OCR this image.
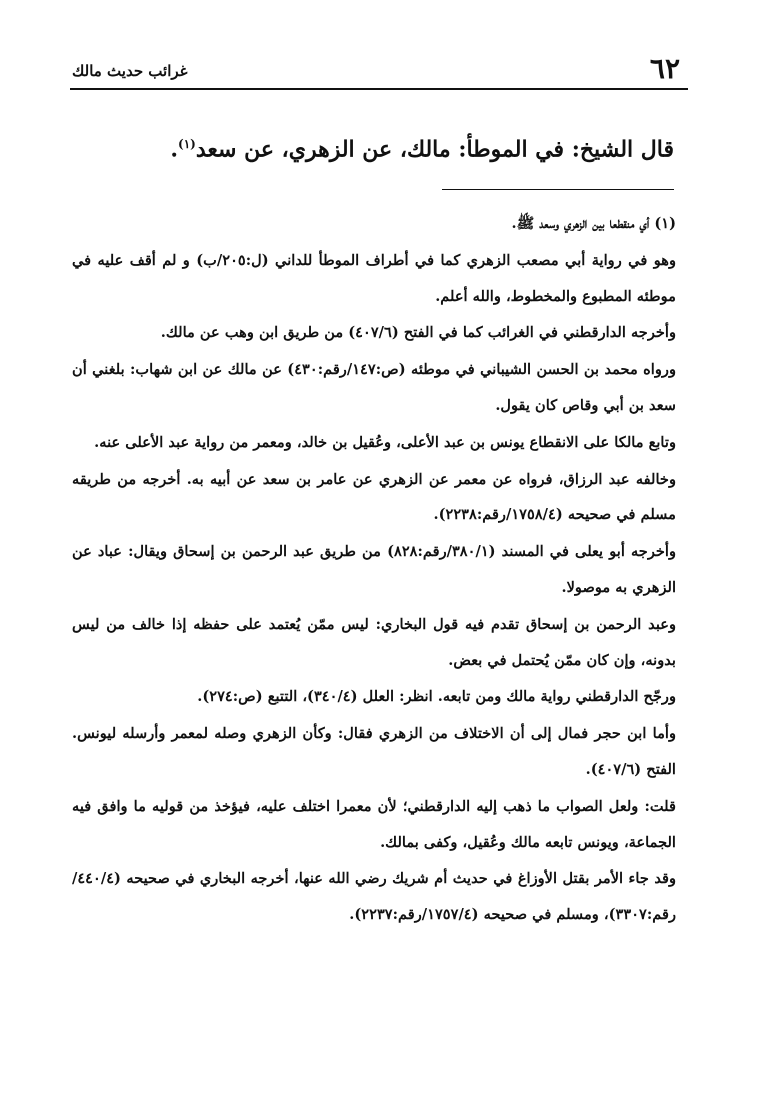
٦٢
غرائب حديث مالك
قال الشيخ: في الموطأ: مالك، عن الزهري، عن سعد$^{(١)}$.

(١) أي منقطعا بين الزهري وسعد ﷺ.

وهو في رواية أبي مصعب الزهري كما في أطراف الموطأ للداني (ل:٢٠٥/ب) و لم أقف عليه في موطئه المطبوع والمخطوط، والله أعلم.

وأخرجه الدارقطني في الغرائب كما في الفتح (٤٠٧/٦) من طريق ابن وهب عن مالك.

ورواه محمد بن الحسن الشيباني في موطئه (ص:١٤٧/رقم:٤٣٠) عن مالك عن ابن شهاب: بلغني أن سعد بن أبي وقاص كان يقول.

وتابع مالكا على الانقطاع يونس بن عبد الأعلى، وعُقيل بن خالد، ومعمر من رواية عبد الأعلى عنه.

وخالفه عبد الرزاق، فرواه عن معمر عن الزهري عن عامر بن سعد عن أبيه به. أخرجه من طريقه مسلم في صحيحه (١٧٥٨/٤/رقم:٢٢٣٨).

وأخرجه أبو يعلى في المسند (٣٨٠/١/رقم:٨٢٨) من طريق عبد الرحمن بن إسحاق ويقال: عباد عن الزهري به موصولا.

وعبد الرحمن بن إسحاق تقدم فيه قول البخاري: ليس ممّن يُعتمد على حفظه إذا خالف من ليس بدونه، وإن كان ممّن يُحتمل في بعض.

ورجّح الدارقطني رواية مالك ومن تابعه. انظر: العلل (٣٤٠/٤)، التتبع (ص:٢٧٤).

وأما ابن حجر فمال إلى أن الاختلاف من الزهري فقال: وكأن الزهري وصله لمعمر وأرسله ليونس. الفتح (٤٠٧/٦).

قلت: ولعل الصواب ما ذهب إليه الدارقطني؛ لأن معمرا اختلف عليه، فيؤخذ من قوليه ما وافق فيه الجماعة، ويونس تابعه مالك وعُقيل، وكفى بمالك.

وقد جاء الأمر بقتل الأوزاغ في حديث أم شريك رضي الله عنها، أخرجه البخاري في صحيحه (٤٤٠/٤/رقم:٣٣٠٧)، ومسلم في صحيحه (١٧٥٧/٤/رقم:٢٢٣٧).
